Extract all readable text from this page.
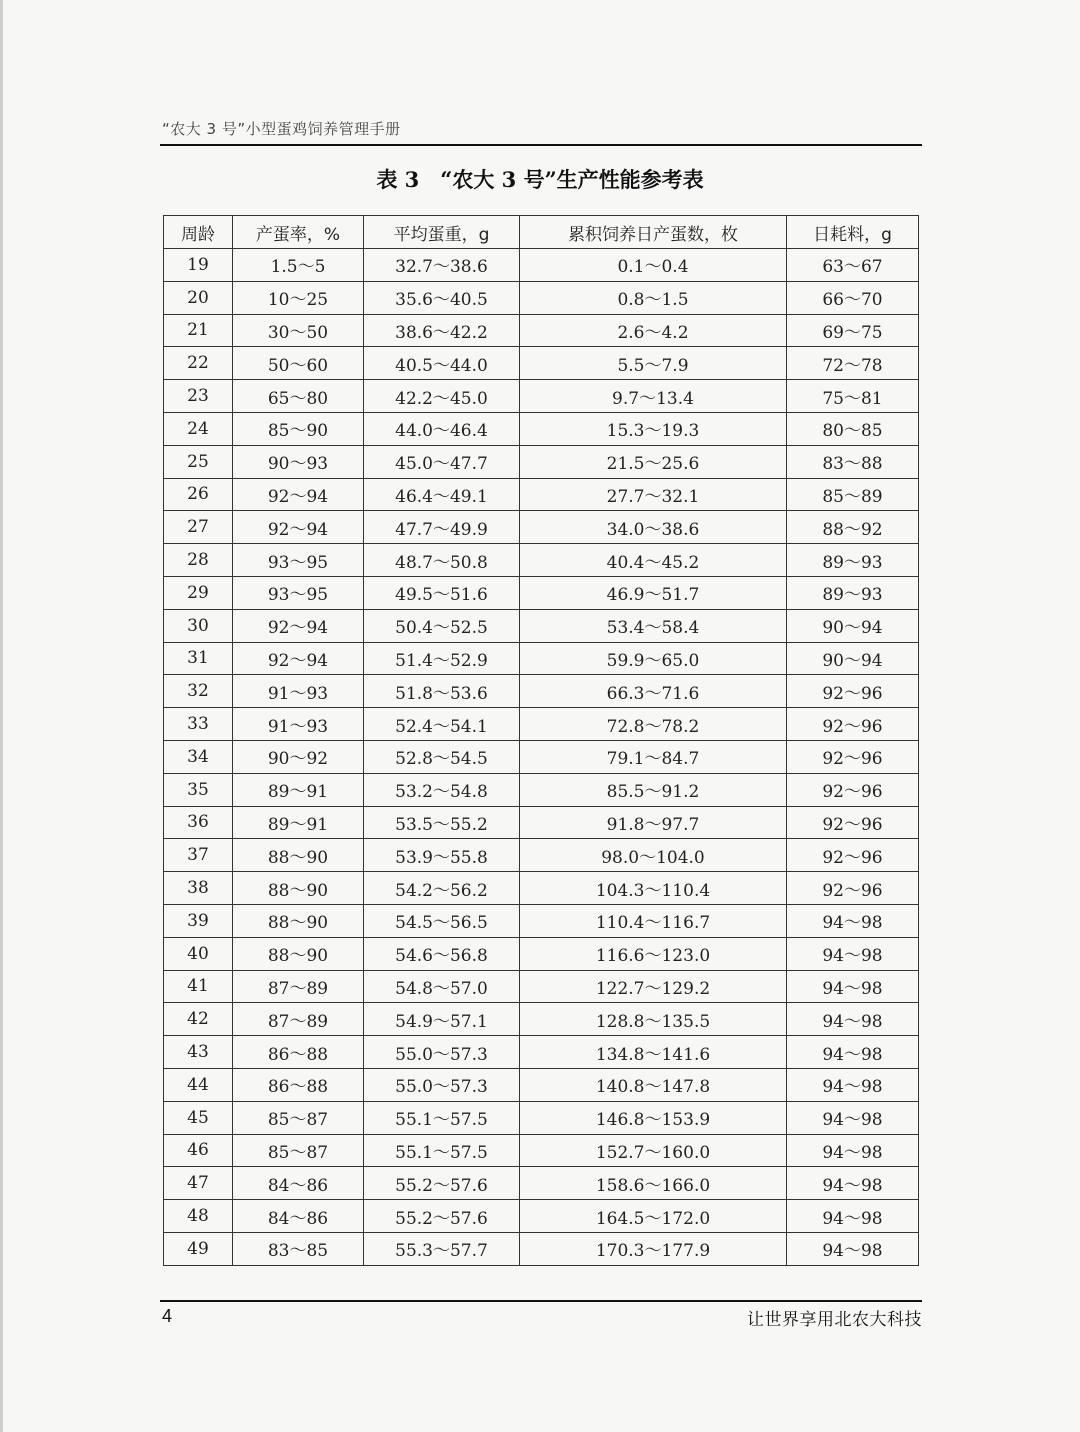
“农大 3 号”小型蛋鸡饲养管理手册
表 3　“农大 3 号”生产性能参考表
周龄	产蛋率，%	平均蛋重，g	累积饲养日产蛋数，枚	日耗料，g
19	1.5～5	32.7～38.6	0.1～0.4	63～67
20	10～25	35.6～40.5	0.8～1.5	66～70
21	30～50	38.6～42.2	2.6～4.2	69～75
22	50～60	40.5～44.0	5.5～7.9	72～78
23	65～80	42.2～45.0	9.7～13.4	75～81
24	85～90	44.0～46.4	15.3～19.3	80～85
25	90～93	45.0～47.7	21.5～25.6	83～88
26	92～94	46.4～49.1	27.7～32.1	85～89
27	92～94	47.7～49.9	34.0～38.6	88～92
28	93～95	48.7～50.8	40.4～45.2	89～93
29	93～95	49.5～51.6	46.9～51.7	89～93
30	92～94	50.4～52.5	53.4～58.4	90～94
31	92～94	51.4～52.9	59.9～65.0	90～94
32	91～93	51.8～53.6	66.3～71.6	92～96
33	91～93	52.4～54.1	72.8～78.2	92～96
34	90～92	52.8～54.5	79.1～84.7	92～96
35	89～91	53.2～54.8	85.5～91.2	92～96
36	89～91	53.5～55.2	91.8～97.7	92～96
37	88～90	53.9～55.8	98.0～104.0	92～96
38	88～90	54.2～56.2	104.3～110.4	92～96
39	88～90	54.5～56.5	110.4～116.7	94～98
40	88～90	54.6～56.8	116.6～123.0	94～98
41	87～89	54.8～57.0	122.7～129.2	94～98
42	87～89	54.9～57.1	128.8～135.5	94～98
43	86～88	55.0～57.3	134.8～141.6	94～98
44	86～88	55.0～57.3	140.8～147.8	94～98
45	85～87	55.1～57.5	146.8～153.9	94～98
46	85～87	55.1～57.5	152.7～160.0	94～98
47	84～86	55.2～57.6	158.6～166.0	94～98
48	84～86	55.2～57.6	164.5～172.0	94～98
49	83～85	55.3～57.7	170.3～177.9	94～98
4	让世界享用北农大科技
